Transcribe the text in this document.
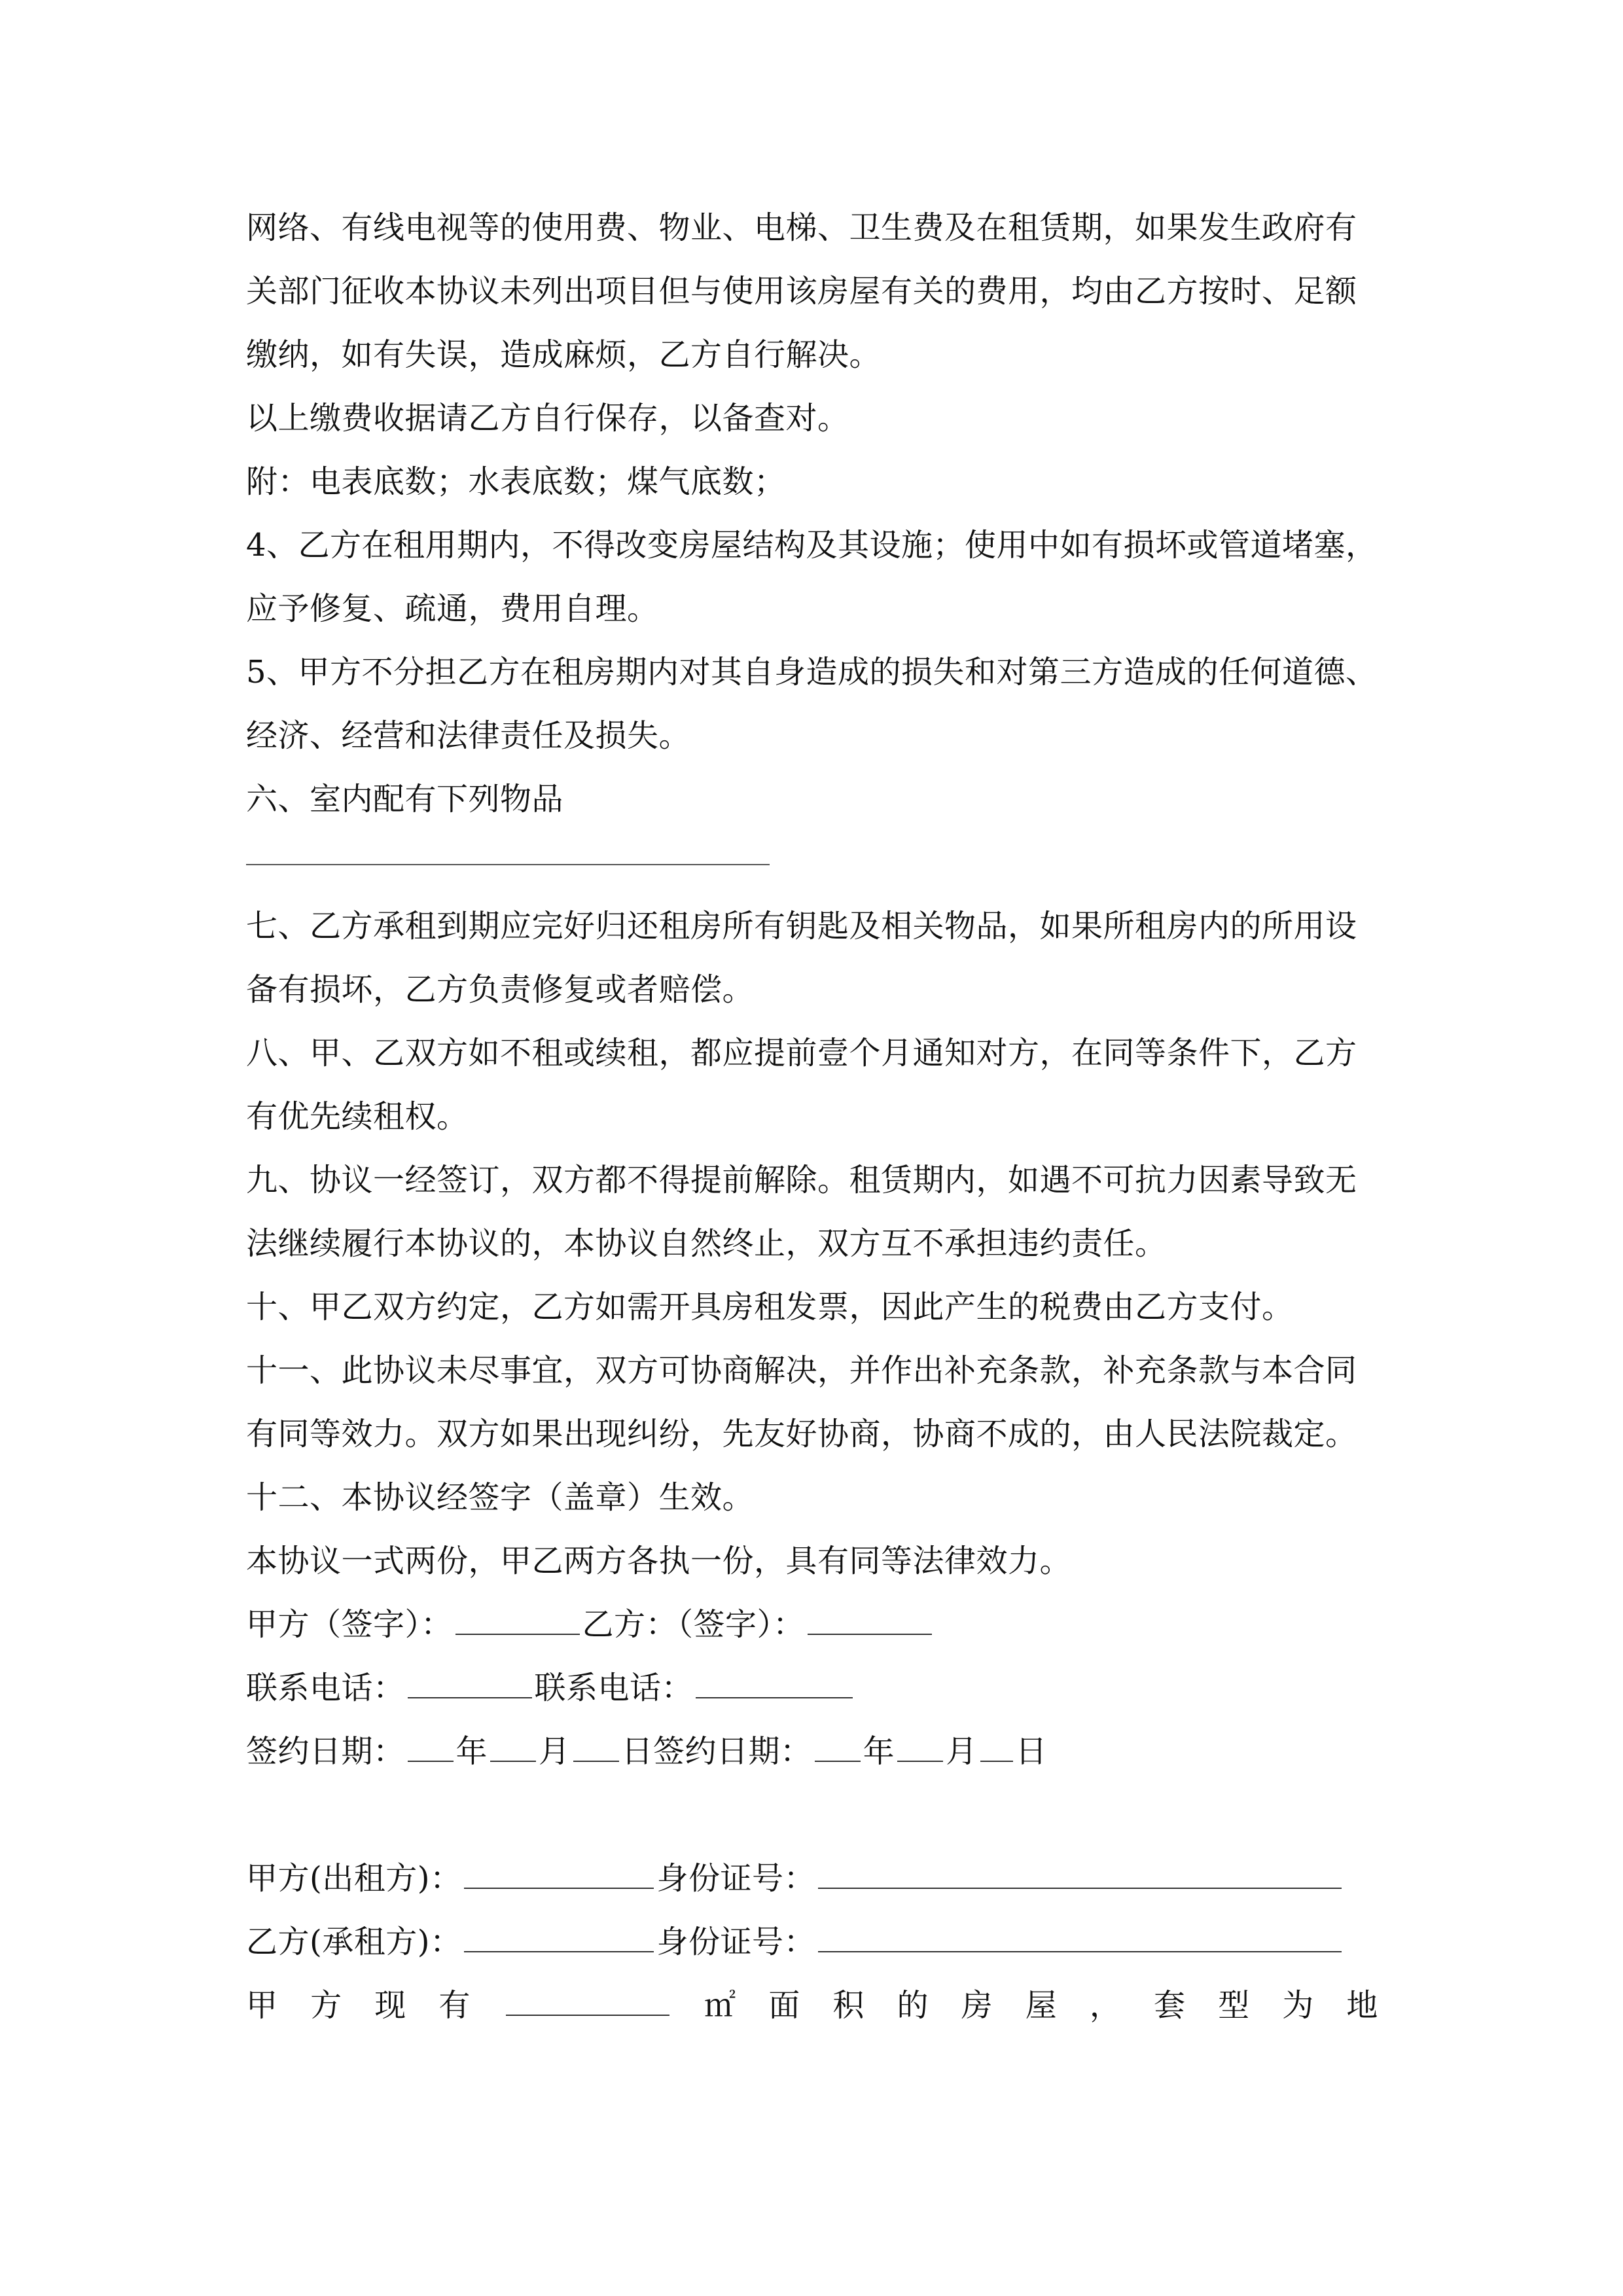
网络、有线电视等的使用费、物业、电梯、卫生费及在租赁期，如果发生政府有
关部门征收本协议未列出项目但与使用该房屋有关的费用，均由乙方按时、足额
缴纳，如有失误，造成麻烦，乙方自行解决。
以上缴费收据请乙方自行保存，以备查对。
附：电表底数；水表底数；煤气底数；
4、乙方在租用期内，不得改变房屋结构及其设施；使用中如有损坏或管道堵塞，
应予修复、疏通，费用自理。
5、甲方不分担乙方在租房期内对其自身造成的损失和对第三方造成的任何道德、
经济、经营和法律责任及损失。
六、室内配有下列物品
七、乙方承租到期应完好归还租房所有钥匙及相关物品，如果所租房内的所用设
备有损坏，乙方负责修复或者赔偿。
八、甲、乙双方如不租或续租，都应提前壹个月通知对方，在同等条件下，乙方
有优先续租权。
九、协议一经签订，双方都不得提前解除。租赁期内，如遇不可抗力因素导致无
法继续履行本协议的，本协议自然终止，双方互不承担违约责任。
十、甲乙双方约定，乙方如需开具房租发票，因此产生的税费由乙方支付。
十一、此协议未尽事宜，双方可协商解决，并作出补充条款，补充条款与本合同
有同等效力。双方如果出现纠纷，先友好协商，协商不成的，由人民法院裁定。
十二、本协议经签字（盖章）生效。
本协议一式两份，甲乙两方各执一份，具有同等法律效力。
甲方（签字）：	乙方：（签字）：
联系电话：	联系电话：
签约日期： 年 月 日签约日期： 年 月 日
甲方(出租方)：	身份证号：
乙方(承租方)：	身份证号：
甲 方 现 有	㎡ 面 积 的 房 屋 ， 套 型 为 地
